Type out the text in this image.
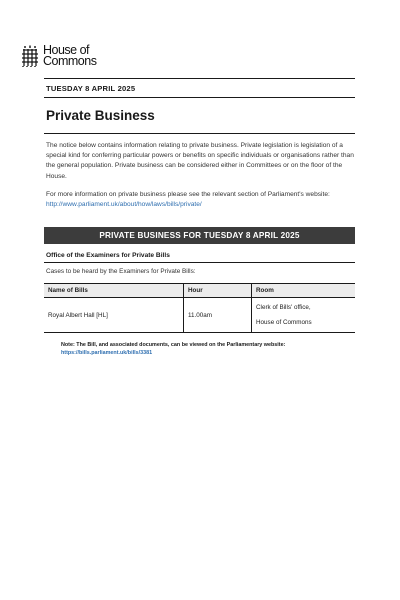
House of
Commons
TUESDAY 8 APRIL 2025
Private Business
The notice below contains information relating to private business. Private legislation is legislation of a special kind for conferring particular powers or benefits on specific individuals or organisations rather than the general population. Private business can be considered either in Committees or on the floor of the House.
For more information on private business please see the relevant section of Parliament's website: http://www.parliament.uk/about/how/laws/bills/private/
PRIVATE BUSINESS FOR TUESDAY 8 APRIL 2025
Office of the Examiners for Private Bills
Cases to be heard by the Examiners for Private Bills:
Name of Bills	Hour	Room
Royal Albert Hall [HL]	11.00am	Clerk of Bills' office,
House of Commons
Note: The Bill, and associated documents, can be viewed on the Parliamentary website:
https://bills.parliament.uk/bills/3381
